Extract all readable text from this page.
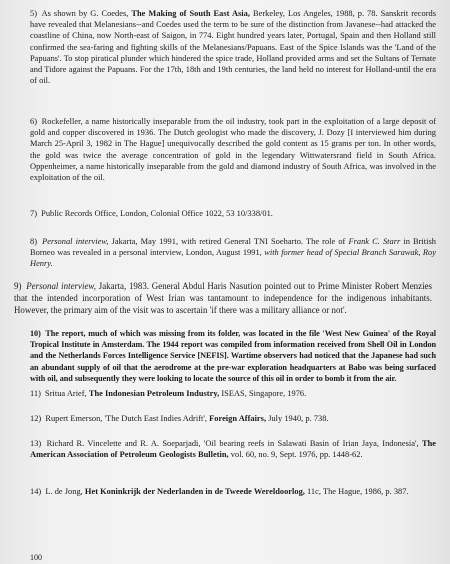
5) As shown by G. Coedes, The Making of South East Asia, Berkeley, Los Angeles, 1988, p. 78. Sanskrit records have revealed that Melanesians--and Coedes used the term to be sure of the distinction from Javanese--had attacked the coastline of China, now North-east of Saigon, in 774. Eight hundred years later, Portugal, Spain and then Holland still confirmed the sea-faring and fighting skills of the Melanesians/Papuans. East of the Spice Islands was the 'Land of the Papuans'. To stop piratical plunder which hindered the spice trade, Holland provided arms and set the Sultans of Ternate and Tidore against the Papuans. For the 17th, 18th and 19th centuries, the land held no interest for Holland-until the era of oil.
6) Rockefeller, a name historically inseparable from the oil industry, took part in the exploitation of a large deposit of gold and copper discovered in 1936. The Dutch geologist who made the discovery, J. Dozy [I interviewed him during March 25-April 3, 1982 in The Hague] unequivocally described the gold content as 15 grams per ton. In other words, the gold was twice the average concentration of gold in the legendary Wittwatersrand field in South Africa. Oppenheimer, a name historically inseparable from the gold and diamond industry of South Africa, was involved in the exploitation of the oil.
7) Public Records Office, London, Colonial Office 1022, 53 10/338/01.
8) Personal interview, Jakarta, May 1991, with retired General TNI Soeharto. The role of Frank C. Starr in British Borneo was revealed in a personal interview, London, August 1991, with former head of Special Branch Sarawak, Roy Henry.
9) Personal interview, Jakarta, 1983. General Abdul Haris Nasution pointed out to Prime Minister Robert Menzies that the intended incorporation of West Irian was tantamount to independence for the indigenous inhabitants. However, the primary aim of the visit was to ascertain 'if there was a military alliance or not'.
10) The report, much of which was missing from its folder, was located in the file 'West New Guinea' of the Royal Tropical Institute in Amsterdam. The 1944 report was compiled from information received from Shell Oil in London and the Netherlands Forces Intelligence Service [NEFIS]. Wartime observers had noticed that the Japanese had such an abundant supply of oil that the aerodrome at the pre-war exploration headquarters at Babo was being surfaced with oil, and subsequently they were looking to locate the source of this oil in order to bomb it from the air.
11) Sritua Arief, The Indonesian Petroleum Industry, ISEAS, Singapore, 1976.
12) Rupert Emerson, 'The Dutch East Indies Adrift', Foreign Affairs, July 1940, p. 738.
13) Richard R. Vincelette and R. A. Soeparjadi, 'Oil bearing reefs in Salawati Basin of Irian Jaya, Indonesia', The American Association of Petroleum Geologists Bulletin, vol. 60, no. 9, Sept. 1976, pp. 1448-62.
14) L. de Jong, Het Koninkrijk der Nederlanden in de Tweede Wereldoorlog, 11c, The Hague, 1986, p. 387.
100
